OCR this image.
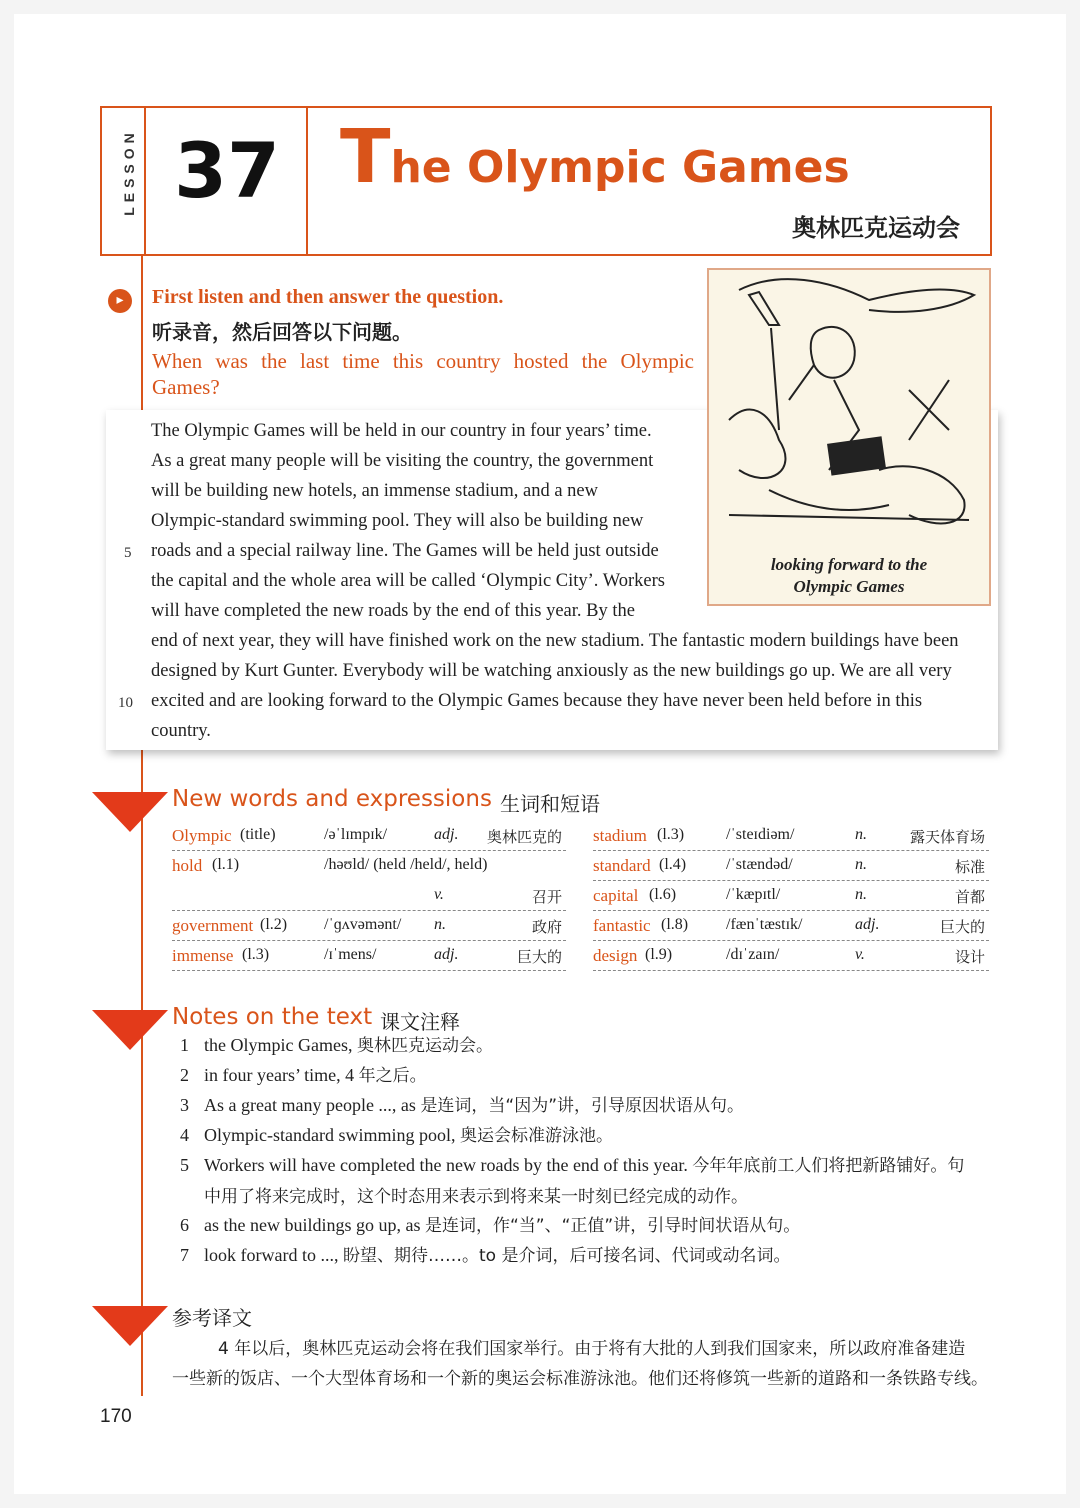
LESSON 37 The Olympic Games
奥林匹克运动会
▸	First listen and then answer the question.
听录音，然后回答以下问题。
When was the last time this country hosted the Olympic Games?
The Olympic Games will be held in our country in four years’ time.
As a great many people will be visiting the country, the government
will be building new hotels, an immense stadium, and a new
Olympic-standard swimming pool. They will also be building new
roads and a special railway line. The Games will be held just outside
the capital and the whole area will be called ‘Olympic City’. Workers
will have completed the new roads by the end of this year. By the
end of next year, they will have finished work on the new stadium. The fantastic modern buildings have been
designed by Kurt Gunter. Everybody will be watching anxiously as the new buildings go up. We are all very
excited and are looking forward to the Olympic Games because they have never been held before in this
country.
5
10
looking forward to the
Olympic Games
New words and expressions 生词和短语
Olympic (title)	/əˈlɪmpɪk/	adj. 奥林匹克的
hold (l.1)	/həʊld/ (held /held/, held)
v.	召开
government (l.2) /ˈɡʌvəmənt/ n.	政府
immense (l.3)	/ɪˈmens/	adj.	巨大的
stadium (l.3)	/ˈsteɪdiəm/	n.	露天体育场
standard (l.4) /ˈstændəd/	n.	标准
capital (l.6)	/ˈkæpɪtl/	n.	首都
fantastic (l.8) /fænˈtæstɪk/	adj.	巨大的
design (l.9)	/dɪˈzaɪn/	v.	设计
Notes on the text 课文注释
1 the Olympic Games, 奥林匹克运动会。
2 in four years’ time, 4 年之后。
3 As a great many people ..., as 是连词，当“因为”讲，引导原因状语从句。
4 Olympic-standard swimming pool, 奥运会标准游泳池。
5 Workers will have completed the new roads by the end of this year. 今年年底前工人们将把新路铺好。句
中用了将来完成时，这个时态用来表示到将来某一时刻已经完成的动作。
6 as the new buildings go up, as 是连词，作“当”、“正值”讲，引导时间状语从句。
7 look forward to ..., 盼望、期待……。to 是介词，后可接名词、代词或动名词。
参考译文
4 年以后，奥林匹克运动会将在我们国家举行。由于将有大批的人到我们国家来，所以政府准备建造
一些新的饭店、一个大型体育场和一个新的奥运会标准游泳池。他们还将修筑一些新的道路和一条铁路专线。
170
